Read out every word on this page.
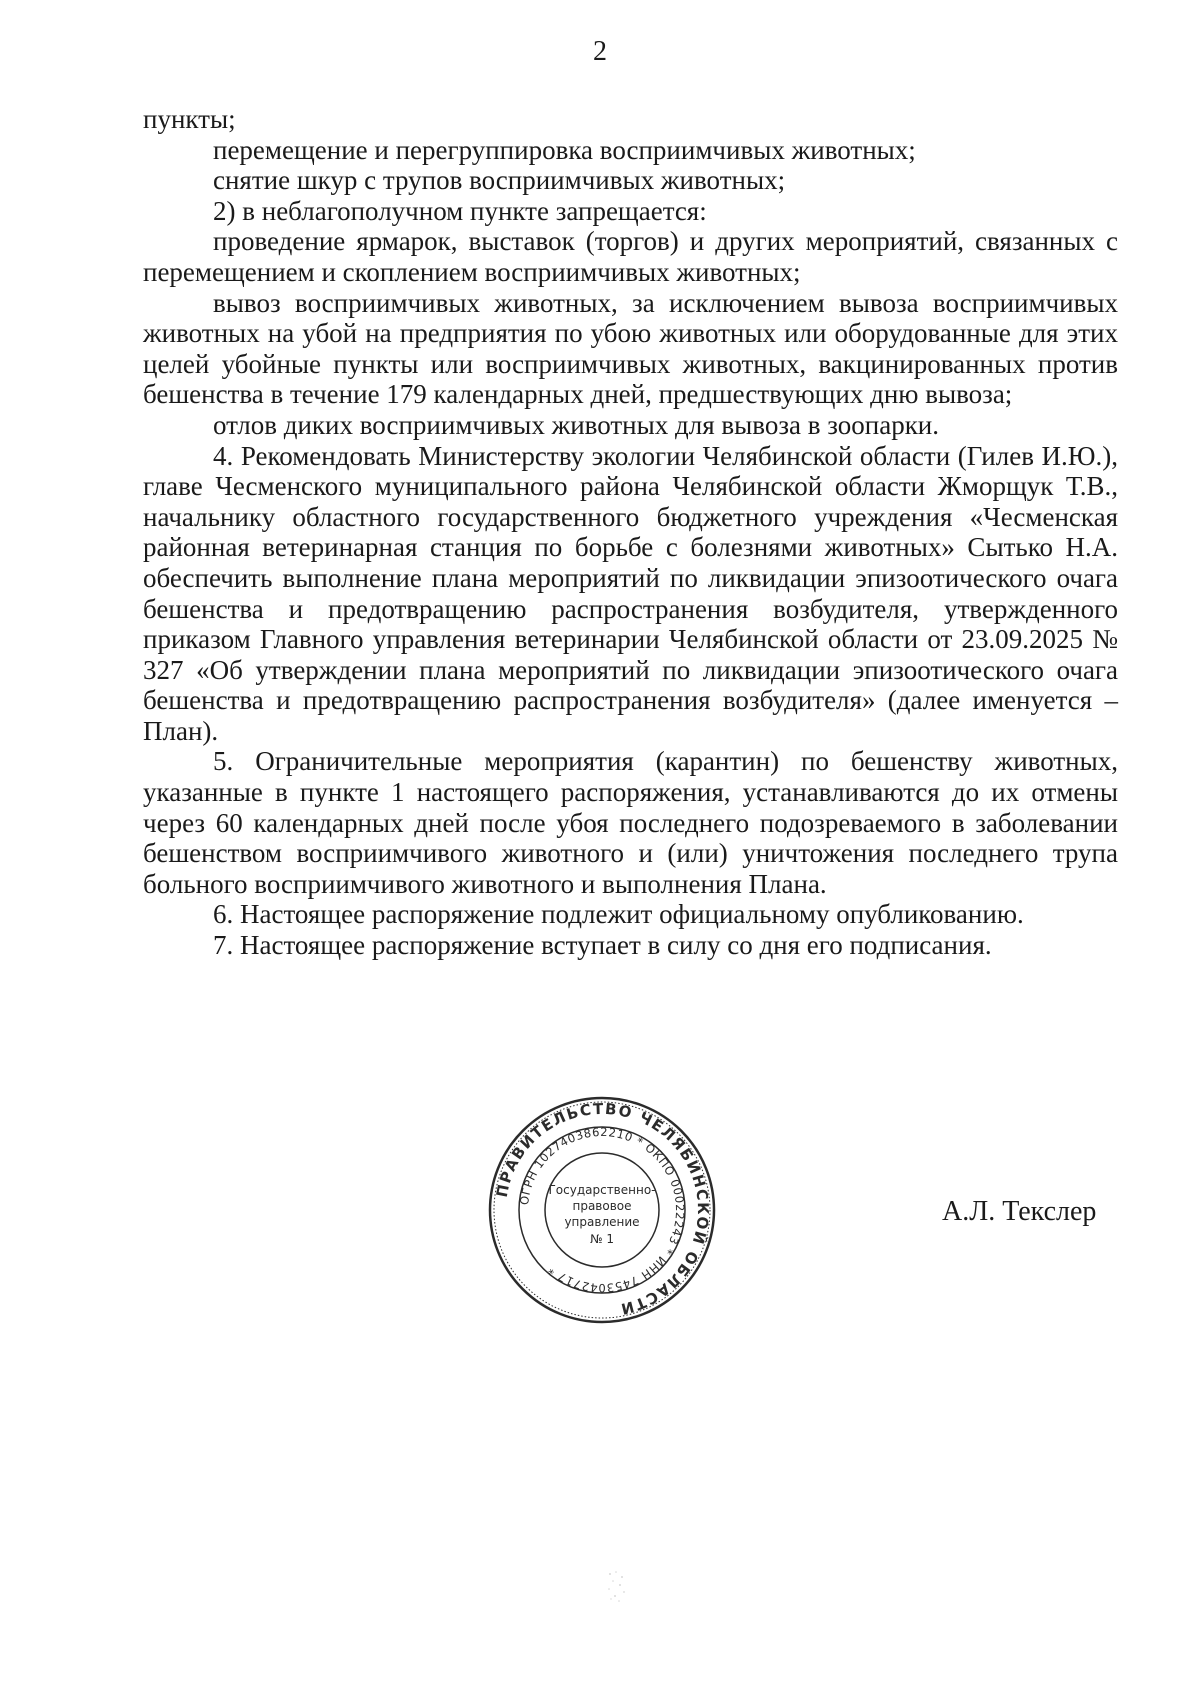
2

пункты;

перемещение и перегруппировка восприимчивых животных;

снятие шкур с трупов восприимчивых животных;

2) в неблагополучном пункте запрещается:

проведение ярмарок, выставок (торгов) и других мероприятий, связанных с перемещением и скоплением восприимчивых животных;

вывоз восприимчивых животных, за исключением вывоза восприимчивых животных на убой на предприятия по убою животных или оборудованные для этих целей убойные пункты или восприимчивых животных, вакцинированных против бешенства в течение 179 календарных дней, предшествующих дню вывоза;

отлов диких восприимчивых животных для вывоза в зоопарки.

4. Рекомендовать Министерству экологии Челябинской области (Гилев И.Ю.), главе Чесменского муниципального района Челябинской области Жморщук Т.В., начальнику областного государственного бюджетного учреждения «Чесменская районная ветеринарная станция по борьбе с болезнями животных» Сытько Н.А. обеспечить выполнение плана мероприятий по ликвидации эпизоотического очага бешенства и предотвращению распространения возбудителя, утвержденного приказом Главного управления ветеринарии Челябинской области от 23.09.2025 № 327 «Об утверждении плана мероприятий по ликвидации эпизоотического очага бешенства и предотвращению распространения возбудителя» (далее именуется – План).

5. Ограничительные мероприятия (карантин) по бешенству животных, указанные в пункте 1 настоящего распоряжения, устанавливаются до их отмены через 60 календарных дней после убоя последнего подозреваемого в заболевании бешенством восприимчивого животного и (или) уничтожения последнего трупа больного восприимчивого животного и выполнения Плана.

6. Настоящее распоряжение подлежит официальному опубликованию.

7. Настоящее распоряжение вступает в силу со дня его подписания.

ПРАВИТЕЛЬСТВО ЧЕЛЯБИНСКОЙ ОБЛАСТИ
ОГРН 1027403862210 * ОКПО 00022243 * ИНН 7453042717 *
Государственно-
правовое
управление
№ 1
А.Л. Текслер
